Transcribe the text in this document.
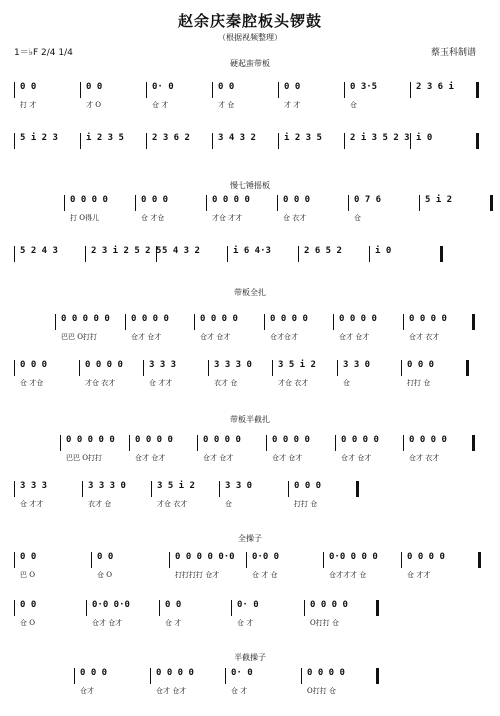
赵余庆秦腔板头锣鼓
（根据视频整理）
1＝♭F 2/4 1/4	蔡玉科制谱
硬起蛮带板
慢七锤摇板
带板全扎
带板半截扎
全操子
半截操子
0 0	0 0	0· 0	0 0	0 0	0 3·5	2 3 6 i
打 才	才 O	仓 才	才 仓	才 才	仓
5 i 2 3	i 2 3 5	2 3 6 2	3 4 3 2	i 2 3 5	2 i 3 5 2 3 i 0
0 0 0 0	0 0 0	0 0 0 0	0 0 0	0 7 6	5 i 2
打 O得儿	仓 才仓	才仓 才才	仓 衣才	仓
5 2 4 3	2 3 i 2 5 2 5 5 4 3 2	i 6 4·3	2 6 5 2	i 0
0 0 0 0 0 0 0 0 0	0 0 0 0	0 0 0 0	0 0 0 0	0 0 0 0
巴巴 O打打	仓才 仓才	仓才 仓才	仓才仓才	仓才 仓才	仓才 衣才
0 0 0	0 0 0 0	3 3 3	3 3 3 0	3 5 i 2	3 3 0	0 0 0
仓 才仓	才仓 衣才	仓 才才	衣才 仓	才仓 衣才	仓	打打 仓
0 0 0 0 0 0 0 0 0	0 0 0 0	0 0 0 0	0 0 0 0	0 0 0 0
巴巴 O打打	仓才 仓才	仓才 仓才	仓才 仓才	仓才 仓才	仓才 衣才
3 3 3	3 3 3 0	3 5 i 2	3 3 0	0 0 0
仓 才才	衣才 仓	才仓 衣才	仓	打打 仓
0 0	0 0	0 0 0 0 0·0 0·0 0	0·0 0 0 0	0 0 0 0
巴 O	仓 O	打打打打 仓才	仓 才 仓	仓才才才 仓	仓 才才
0 0	0·0 0·0	0 0	0· 0	0 0 0 0
仓 O	仓才 仓才	仓 才	仓 才	O打打 仓
0 0 0	0 0 0 0	0· 0	0 0 0 0
仓才	仓才 仓才	仓 才	O打打 仓
